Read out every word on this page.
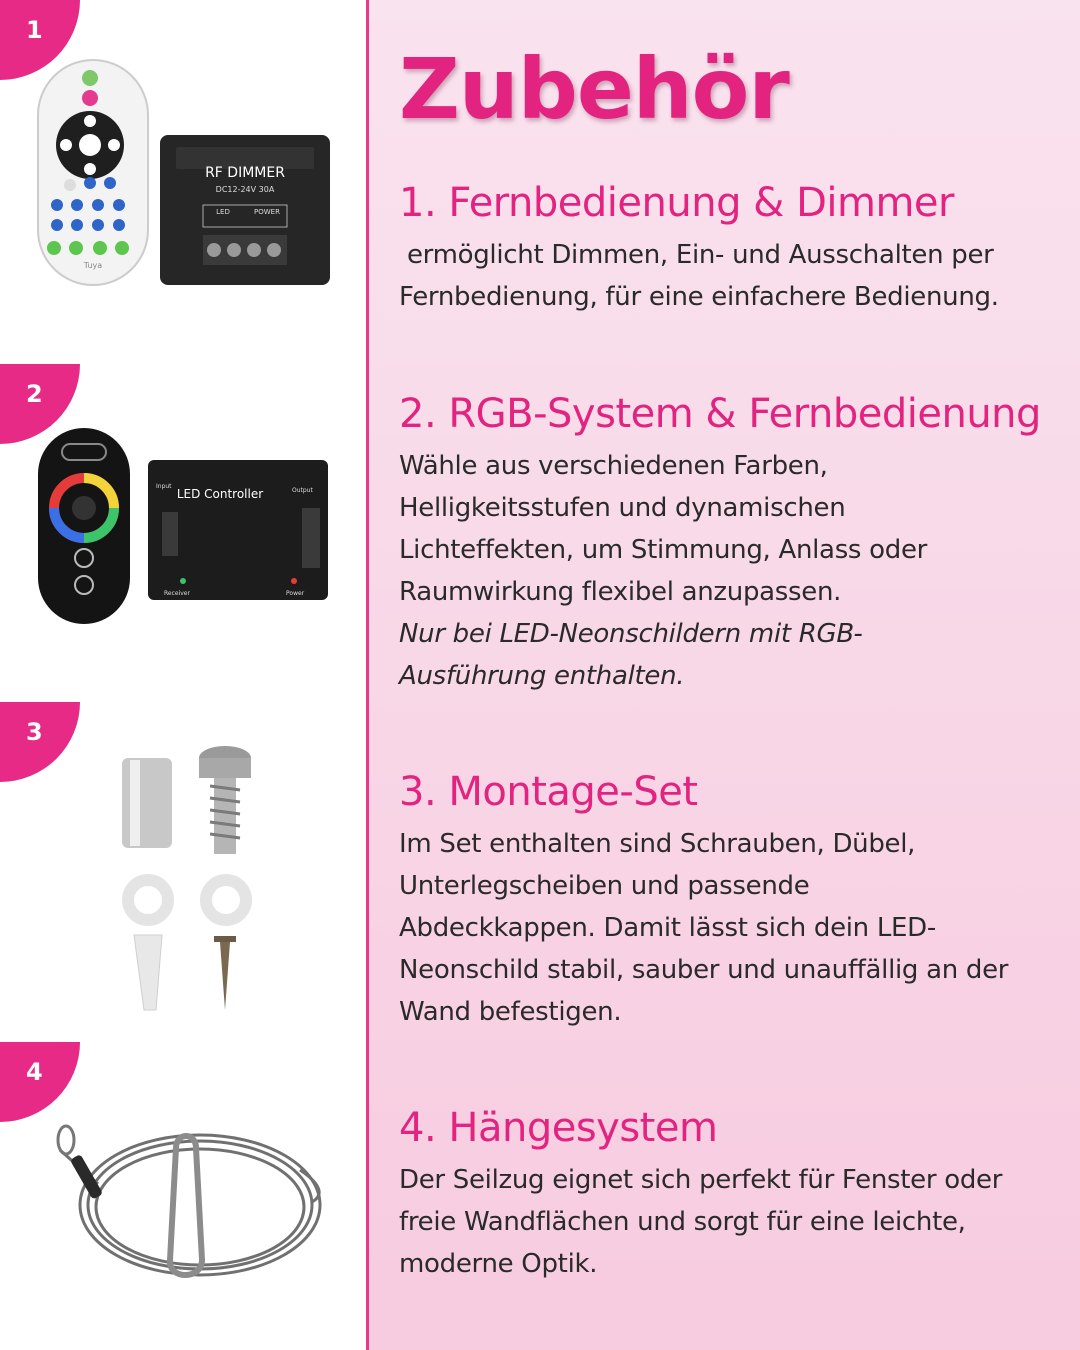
1
Tuya
RF DIMMER
DC12-24V 30A
LED	POWER
2
Input
LED Controller	Output
Receiver	Power
3
4
Zubehör
1. Fernbedienung & Dimmer

ermöglicht Dimmen, Ein- und Ausschalten per Fernbedienung, für eine einfachere Bedienung.

2. RGB-System & Fernbedienung

Wähle aus verschiedenen Farben, Helligkeitsstufen und dynamischen Lichteffekten, um Stimmung, Anlass oder Raumwirkung flexibel anzupassen.

Nur bei LED-Neonschildern mit RGB-Ausführung enthalten.

3. Montage-Set

Im Set enthalten sind Schrauben, Dübel, Unterlegscheiben und passende Abdeckkappen. Damit lässt sich dein LED-Neonschild stabil, sauber und unauffällig an der Wand befestigen.

4. Hängesystem

Der Seilzug eignet sich perfekt für Fenster oder freie Wandflächen und sorgt für eine leichte, moderne Optik.
